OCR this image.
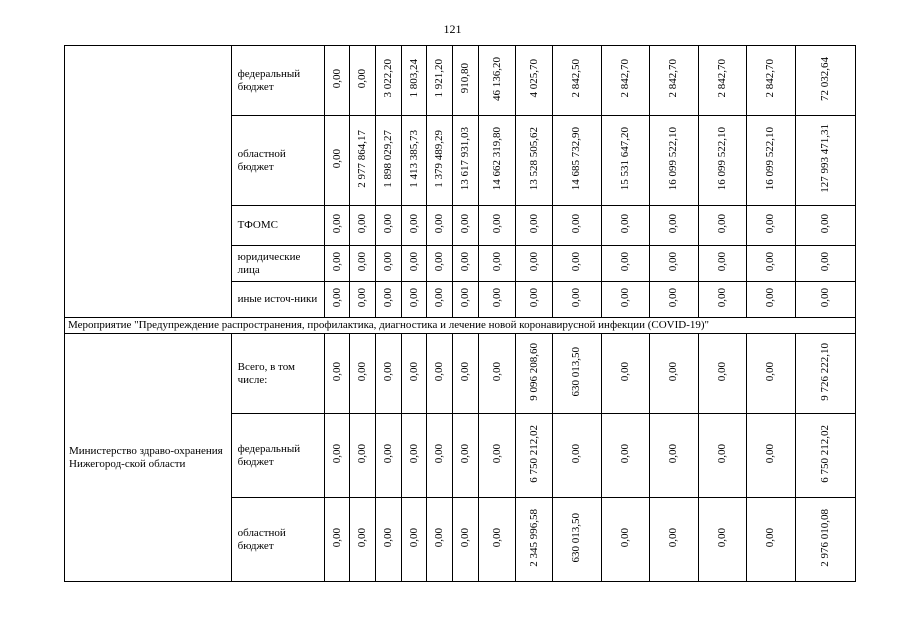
121
	федеральный бюджет	0,00	0,00	3 022,20	1 803,24	1 921,20	910,80	46 136,20	4 025,70	2 842,50	2 842,70	2 842,70	2 842,70	2 842,70	72 032,64
	областной бюджет	0,00	2 977 864,17	1 898 029,27	1 413 385,73	1 379 489,29	13 617 931,03	14 662 319,80	13 528 505,62	14 685 732,90	15 531 647,20	16 099 522,10	16 099 522,10	16 099 522,10	127 993 471,31
	ТФОМС	0,00	0,00	0,00	0,00	0,00	0,00	0,00	0,00	0,00	0,00	0,00	0,00	0,00	0,00
	юридические лица	0,00	0,00	0,00	0,00	0,00	0,00	0,00	0,00	0,00	0,00	0,00	0,00	0,00	0,00
	иные источ-ники	0,00	0,00	0,00	0,00	0,00	0,00	0,00	0,00	0,00	0,00	0,00	0,00	0,00	0,00
Мероприятие "Предупреждение распространения, профилактика, диагностика и лечение новой коронавирусной инфекции (COVID-19)"															
Министерство здраво-охранения Нижегород-ской области	Всего, в том числе:	0,00	0,00	0,00	0,00	0,00	0,00	0,00	9 096 208,60	630 013,50	0,00	0,00	0,00	0,00	9 726 222,10
	федеральный бюджет	0,00	0,00	0,00	0,00	0,00	0,00	0,00	6 750 212,02	0,00	0,00	0,00	0,00	0,00	6 750 212,02
	областной бюджет	0,00	0,00	0,00	0,00	0,00	0,00	0,00	2 345 996,58	630 013,50	0,00	0,00	0,00	0,00	2 976 010,08
